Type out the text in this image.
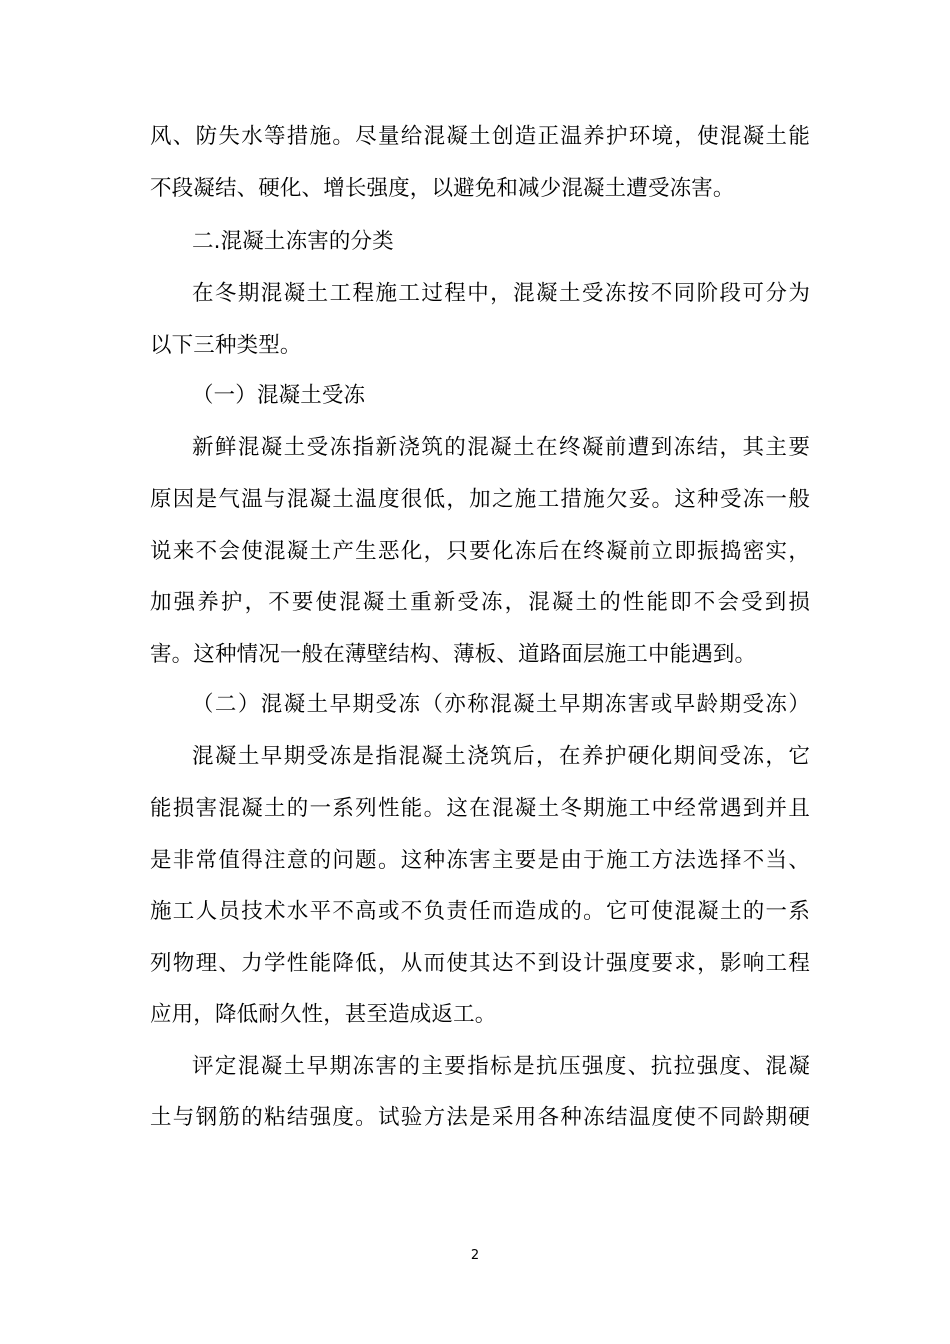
风、防失水等措施。尽量给混凝土创造正温养护环境，使混凝土能
不段凝结、硬化、增长强度，以避免和减少混凝土遭受冻害。
二.混凝土冻害的分类
在冬期混凝土工程施工过程中，混凝土受冻按不同阶段可分为
以下三种类型。
（一）混凝土受冻
新鲜混凝土受冻指新浇筑的混凝土在终凝前遭到冻结，其主要
原因是气温与混凝土温度很低，加之施工措施欠妥。这种受冻一般
说来不会使混凝土产生恶化，只要化冻后在终凝前立即振捣密实，
加强养护，不要使混凝土重新受冻，混凝土的性能即不会受到损
害。这种情况一般在薄壁结构、薄板、道路面层施工中能遇到。
（二）混凝土早期受冻（亦称混凝土早期冻害或早龄期受冻）
混凝土早期受冻是指混凝土浇筑后，在养护硬化期间受冻，它
能损害混凝土的一系列性能。这在混凝土冬期施工中经常遇到并且
是非常值得注意的问题。这种冻害主要是由于施工方法选择不当、
施工人员技术水平不高或不负责任而造成的。它可使混凝土的一系
列物理、力学性能降低，从而使其达不到设计强度要求，影响工程
应用，降低耐久性，甚至造成返工。
评定混凝土早期冻害的主要指标是抗压强度、抗拉强度、混凝
土与钢筋的粘结强度。试验方法是采用各种冻结温度使不同龄期硬
2
